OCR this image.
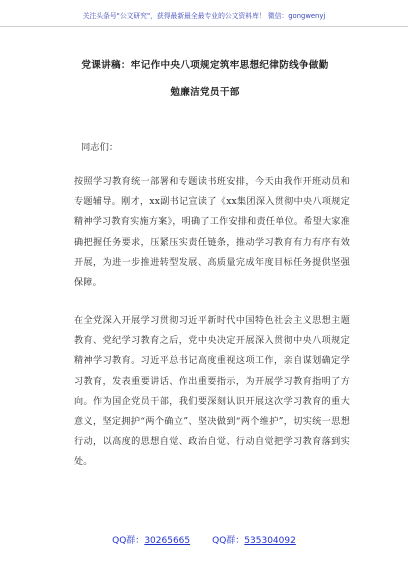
关注头条号"公文研究"，获得最新最全最专业的公文资料库！ 微信：gongwenyj
党课讲稿：牢记作中央八项规定筑牢思想纪律防线争做勤
勉廉洁党员干部
同志们：
按照学习教育统一部署和专题读书班安排，今天由我作开班动员和专题辅导。刚才，xx副书记宣读了《xx集团深入贯彻中央八项规定精神学习教育实施方案》，明确了工作安排和责任单位。希望大家准确把握任务要求，压紧压实责任链条，推动学习教育有力有序有效开展，为进一步推进转型发展、高质量完成年度目标任务提供坚强保障。
在全党深入开展学习贯彻习近平新时代中国特色社会主义思想主题教育、党纪学习教育之后，党中央决定开展深入贯彻中央八项规定精神学习教育。习近平总书记高度重视这项工作，亲自谋划确定学习教育，发表重要讲话、作出重要指示，为开展学习教育指明了方向。作为国企党员干部，我们要深刻认识开展这次学习教育的重大意义，坚定拥护“两个确立”、坚决做到“两个维护”，切实统一思想行动，以高度的思想自觉、政治自觉、行动自觉把学习教育落到实处。
QQ群：30265665 QQ群：535304092
